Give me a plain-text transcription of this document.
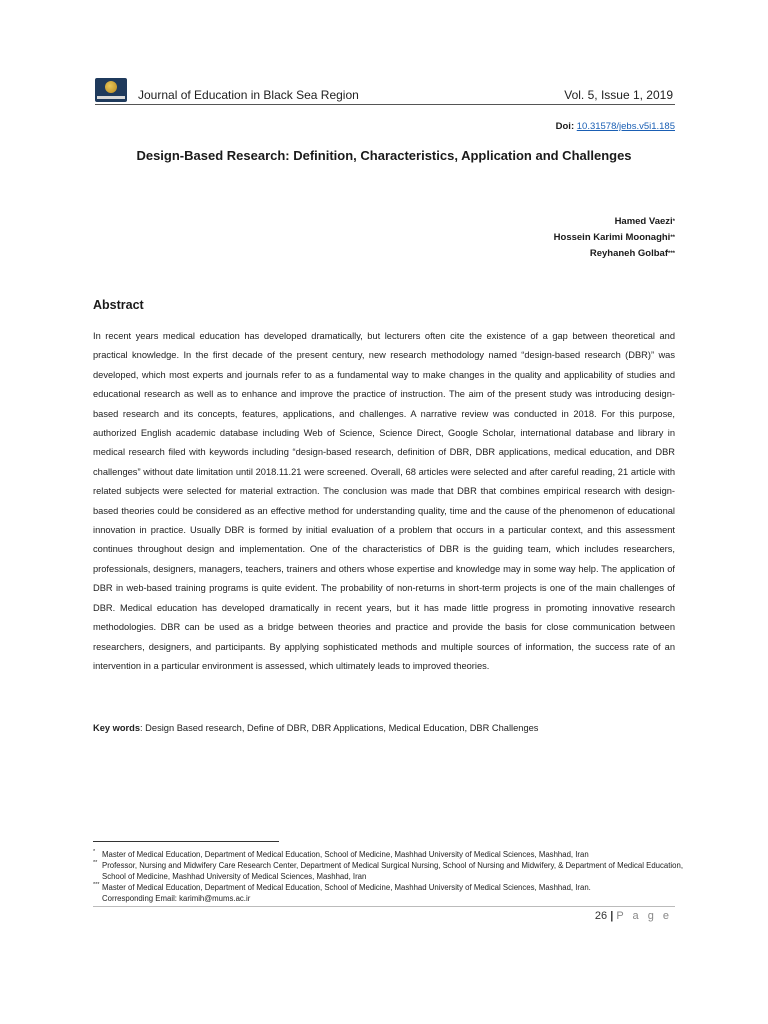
Journal of Education in Black Sea Region	Vol. 5, Issue 1, 2019
Doi: 10.31578/jebs.v5i1.185
Design-Based Research: Definition, Characteristics, Application and Challenges
Hamed Vaezi*
Hossein Karimi Moonaghi**
Reyhaneh Golbaf***
Abstract
In recent years medical education has developed dramatically, but lecturers often cite the existence of a gap between theoretical and practical knowledge. In the first decade of the present century, new research methodology named “design-based research (DBR)” was developed, which most experts and journals refer to as a fundamental way to make changes in the quality and applicability of studies and educational research as well as to enhance and improve the practice of instruction. The aim of the present study was introducing design-based research and its concepts, features, applications, and challenges. A narrative review was conducted in 2018. For this purpose, authorized English academic database including Web of Science, Science Direct, Google Scholar, international database and library in medical research filed with keywords including “design-based research, definition of DBR, DBR applications, medical education, and DBR challenges” without date limitation until 2018.11.21 were screened. Overall, 68 articles were selected and after careful reading, 21 article with related subjects were selected for material extraction. The conclusion was made that DBR that combines empirical research with design-based theories could be considered as an effective method for understanding quality, time and the cause of the phenomenon of educational innovation in practice. Usually DBR is formed by initial evaluation of a problem that occurs in a particular context, and this assessment continues throughout design and implementation. One of the characteristics of DBR is the guiding team, which includes researchers, professionals, designers, managers, teachers, trainers and others whose expertise and knowledge may in some way help. The application of DBR in web-based training programs is quite evident. The probability of non-returns in short-term projects is one of the main challenges of DBR. Medical education has developed dramatically in recent years, but it has made little progress in promoting innovative research methodologies. DBR can be used as a bridge between theories and practice and provide the basis for close communication between researchers, designers, and participants. By applying sophisticated methods and multiple sources of information, the success rate of an intervention in a particular environment is assessed, which ultimately leads to improved theories.
Key words: Design Based research, Define of DBR, DBR Applications, Medical Education, DBR Challenges
* Master of Medical Education, Department of Medical Education, School of Medicine, Mashhad University of Medical Sciences, Mashhad, Iran
** Professor, Nursing and Midwifery Care Research Center, Department of Medical Surgical Nursing, School of Nursing and Midwifery, & Department of Medical Education, School of Medicine, Mashhad University of Medical Sciences, Mashhad, Iran
*** Master of Medical Education, Department of Medical Education, School of Medicine, Mashhad University of Medical Sciences, Mashhad, Iran.
Corresponding Email: karimih@mums.ac.ir
26 | P a g e
